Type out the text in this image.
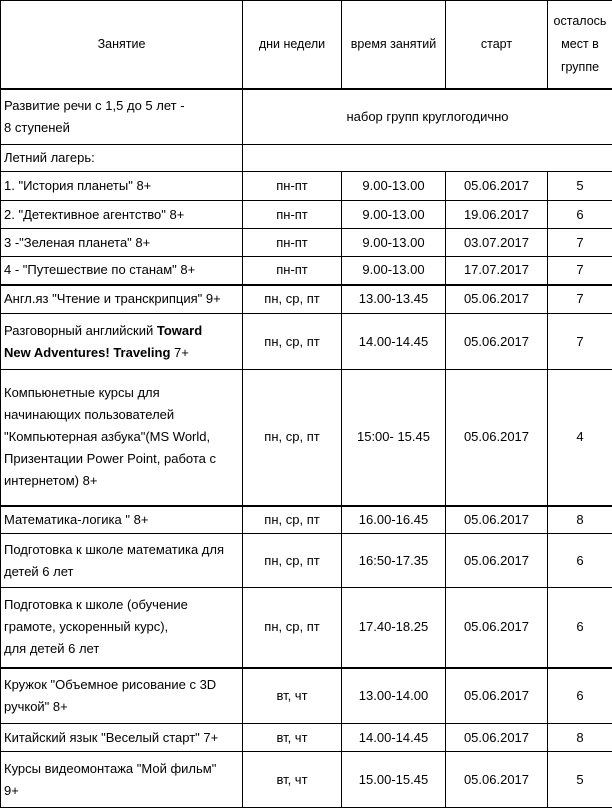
Занятие	дни недели	время занятий	старт	осталось
мест в
группе
Развитие речи с 1,5 до 5 лет -
8 ступеней	набор групп круглогодично			
Летний лагерь:				
1. "История планеты" 8+	пн-пт	9.00-13.00	05.06.2017	5
2. "Детективное агентство" 8+	пн-пт	9.00-13.00	19.06.2017	6
3 -"Зеленая планета" 8+	пн-пт	9.00-13.00	03.07.2017	7
4 - "Путешествие по станам" 8+	пн-пт	9.00-13.00	17.07.2017	7
Англ.яз "Чтение и транскрипция" 9+	пн, ср, пт	13.00-13.45	05.06.2017	7
Разговорный английский Toward
New Adventures! Traveling 7+	пн, ср, пт	14.00-14.45	05.06.2017	7
Компьюнетные курсы для
начинающих пользователей
"Компьютерная азбука"(MS World,
Призентации Power Point, работа с
интернетом) 8+	пн, ср, пт	15:00- 15.45	05.06.2017	4
Математика-логика " 8+	пн, ср, пт	16.00-16.45	05.06.2017	8
Подготовка к школе математика для
детей 6 лет	пн, ср, пт	16:50-17.35	05.06.2017	6
Подготовка к школе (обучение
грамоте, ускоренный курс),
для детей 6 лет	пн, ср, пт	17.40-18.25	05.06.2017	6
Кружок "Объемное рисование с 3D
ручкой" 8+	вт, чт	13.00-14.00	05.06.2017	6
Китайский язык "Веселый старт" 7+	вт, чт	14.00-14.45	05.06.2017	8
Курсы видеомонтажа "Мой фильм"
9+	вт, чт	15.00-15.45	05.06.2017	5
